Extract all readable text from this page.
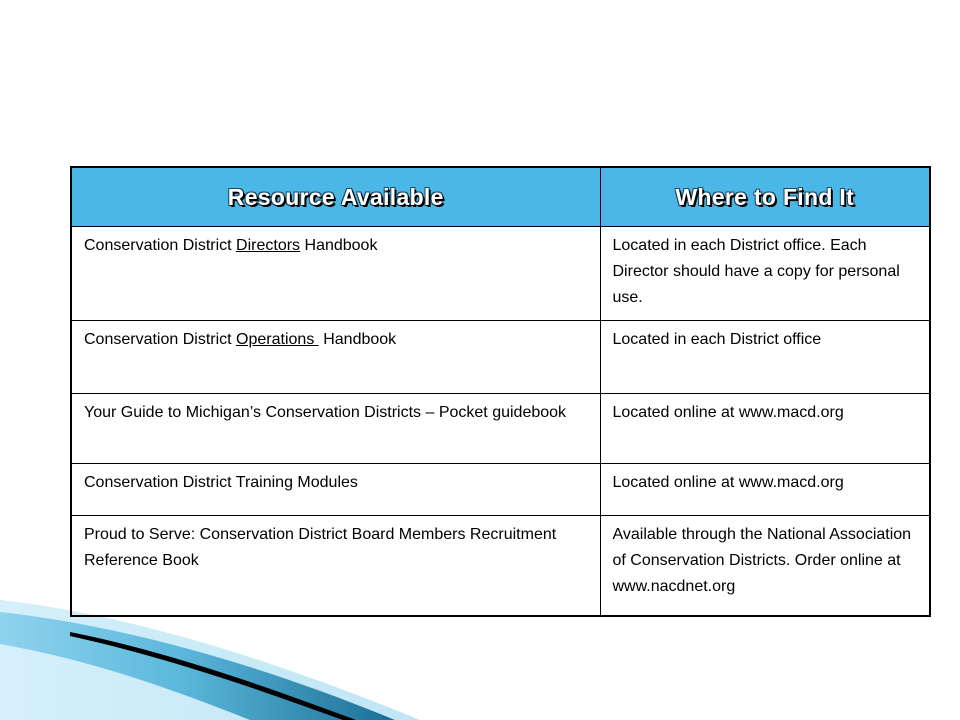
Resource Available	Where to Find It
Conservation District Directors Handbook	Located in each District office. Each Director should have a copy for personal use.
Conservation District Operations  Handbook	Located in each District office
Your Guide to Michigan’s Conservation Districts – Pocket guidebook	Located online at www.macd.org
Conservation District Training Modules	Located online at www.macd.org
Proud to Serve: Conservation District Board Members Recruitment Reference Book	Available through the National Association of Conservation Districts. Order online at www.nacdnet.org
